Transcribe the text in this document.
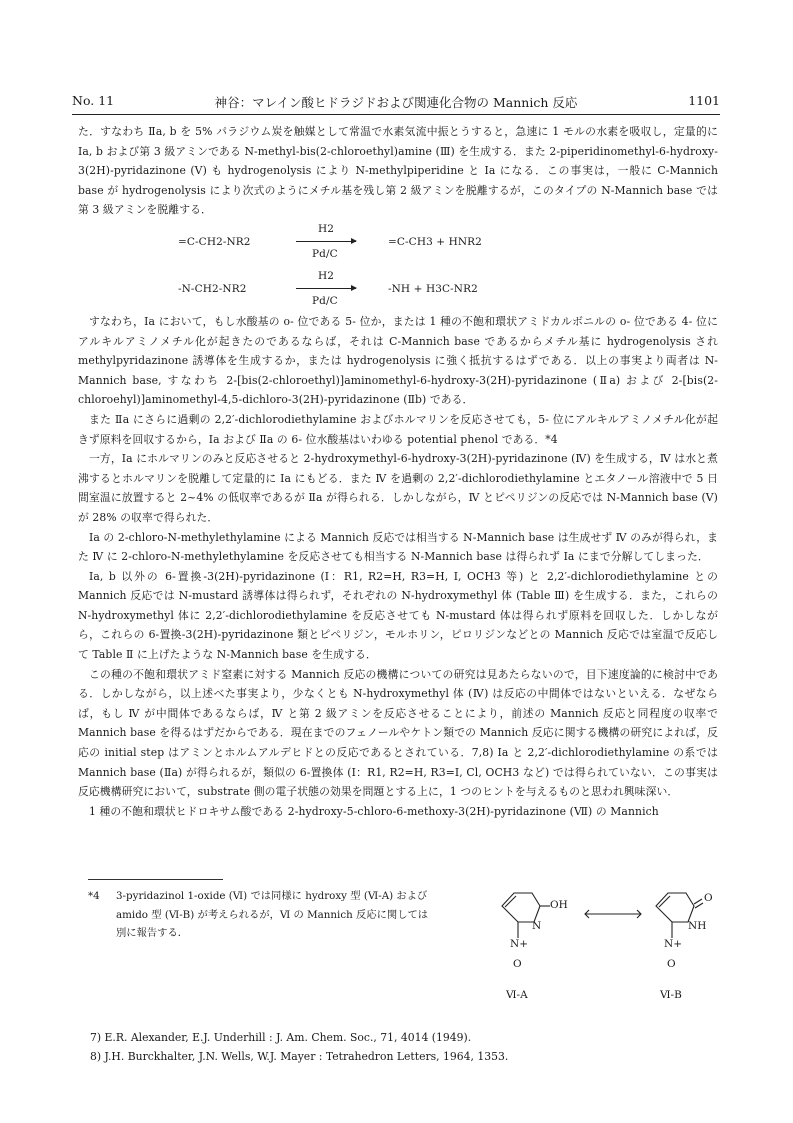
No. 11	神谷：マレイン酸ヒドラジドおよび関連化合物の Mannich 反応	1101

た．すなわち Ⅱa, b を 5% パラジウム炭を触媒として常温で水素気流中振とうすると，急速に 1 モルの水素を吸収し，定量的に Ia, b および第 3 級アミンである N-methyl-bis(2-chloroethyl)amine (Ⅲ) を生成する．また 2-piperidinomethyl-6-hydroxy-3(2H)-pyridazinone (V) も hydrogenolysis により N-methylpiperidine と Ia になる．この事実は，一般に C-Mannich base が hydrogenolysis により次式のようにメチル基を残し第 2 級アミンを脱離するが，このタイプの N-Mannich base では第 3 級アミンを脱離する．

=C-CH2-NR2
H2
Pd/C
=C-CH3 + HNR2
-N-CH2-NR2
H2
Pd/C
-NH + H3C-NR2

すなわち，Ia において，もし水酸基の o- 位である 5- 位か，または 1 種の不飽和環状アミドカルボニルの o- 位である 4- 位にアルキルアミノメチル化が起きたのであるならば，それは C-Mannich base であるからメチル基に hydrogenolysis され methylpyridazinone 誘導体を生成するか，または hydrogenolysis に強く抵抗するはずである．以上の事実より両者は N-Mannich base, すなわち 2-[bis(2-chloroethyl)]aminomethyl-6-hydroxy-3(2H)-pyridazinone (Ⅱa) および 2-[bis(2-chloroehyl)]aminomethyl-4,5-dichloro-3(2H)-pyridazinone (Ⅱb) である．

また Ⅱa にさらに過剰の 2,2′-dichlorodiethylamine およびホルマリンを反応させても，5- 位にアルキルアミノメチル化が起きず原料を回収するから，Ia および Ⅱa の 6- 位水酸基はいわゆる potential phenol である．*4

一方，Ia にホルマリンのみと反応させると 2-hydroxymethyl-6-hydroxy-3(2H)-pyridazinone (Ⅳ) を生成する，Ⅳ は水と煮沸するとホルマリンを脱離して定量的に Ia にもどる．また Ⅳ を過剰の 2,2′-dichlorodiethylamine とエタノール溶液中で 5 日間室温に放置すると 2~4% の低収率であるが Ⅱa が得られる．しかしながら，Ⅳ とピペリジンの反応では N-Mannich base (V) が 28% の収率で得られた．

Ia の 2-chloro-N-methylethylamine による Mannich 反応では相当する N-Mannich base は生成せず Ⅳ のみが得られ，また Ⅳ に 2-chloro-N-methylethylamine を反応させても相当する N-Mannich base は得られず Ia にまで分解してしまった．

Ia, b 以外の 6-置換-3(2H)-pyridazinone (I：R1, R2=H, R3=H, I, OCH3 等) と 2,2′-dichlorodiethylamine との Mannich 反応では N-mustard 誘導体は得られず，それぞれの N-hydroxymethyl 体 (Table Ⅲ) を生成する．また，これらの N-hydroxymethyl 体に 2,2′-dichlorodiethylamine を反応させても N-mustard 体は得られず原料を回収した．しかしながら，これらの 6-置換-3(2H)-pyridazinone 類とピペリジン，モルホリン，ピロリジンなどとの Mannich 反応では室温で反応して Table Ⅱ に上げたような N-Mannich base を生成する．

この種の不飽和環状アミド窒素に対する Mannich 反応の機構についての研究は見あたらないので，目下速度論的に検討中である．しかしながら，以上述べた事実より，少なくとも N-hydroxymethyl 体 (Ⅳ) は反応の中間体ではないといえる．なぜならば，もし Ⅳ が中間体であるならば，Ⅳ と第 2 級アミンを反応させることにより，前述の Mannich 反応と同程度の収率で Mannich base を得るはずだからである．現在までのフェノールやケトン類での Mannich 反応に関する機構の研究によれば，反応の initial step はアミンとホルムアルデヒドとの反応であるとされている．7,8) Ia と 2,2′-dichlorodiethylamine の系では Mannich base (Ⅱa) が得られるが，類似の 6-置換体 (I：R1, R2=H, R3=I, Cl, OCH3 など) では得られていない．この事実は反応機構研究において，substrate 側の電子状態の効果を問題とする上に，1 つのヒントを与えるものと思われ興味深い．

1 種の不飽和環状ヒドロキサム酸である 2-hydroxy-5-chloro-6-methoxy-3(2H)-pyridazinone (Ⅶ) の Mannich

*4 3-pyridazinol 1-oxide (Ⅵ) では同様に hydroxy 型 (Ⅵ-A) および amido 型 (Ⅵ-B) が考えられるが，Ⅵ の Mannich 反応に関しては別に報告する．
OH
N
N+
O
O
NH
N+
O
Ⅵ-A	Ⅵ-B
7) E.R. Alexander, E.J. Underhill : J. Am. Chem. Soc., 71, 4014 (1949).
8) J.H. Burckhalter, J.N. Wells, W.J. Mayer : Tetrahedron Letters, 1964, 1353.
